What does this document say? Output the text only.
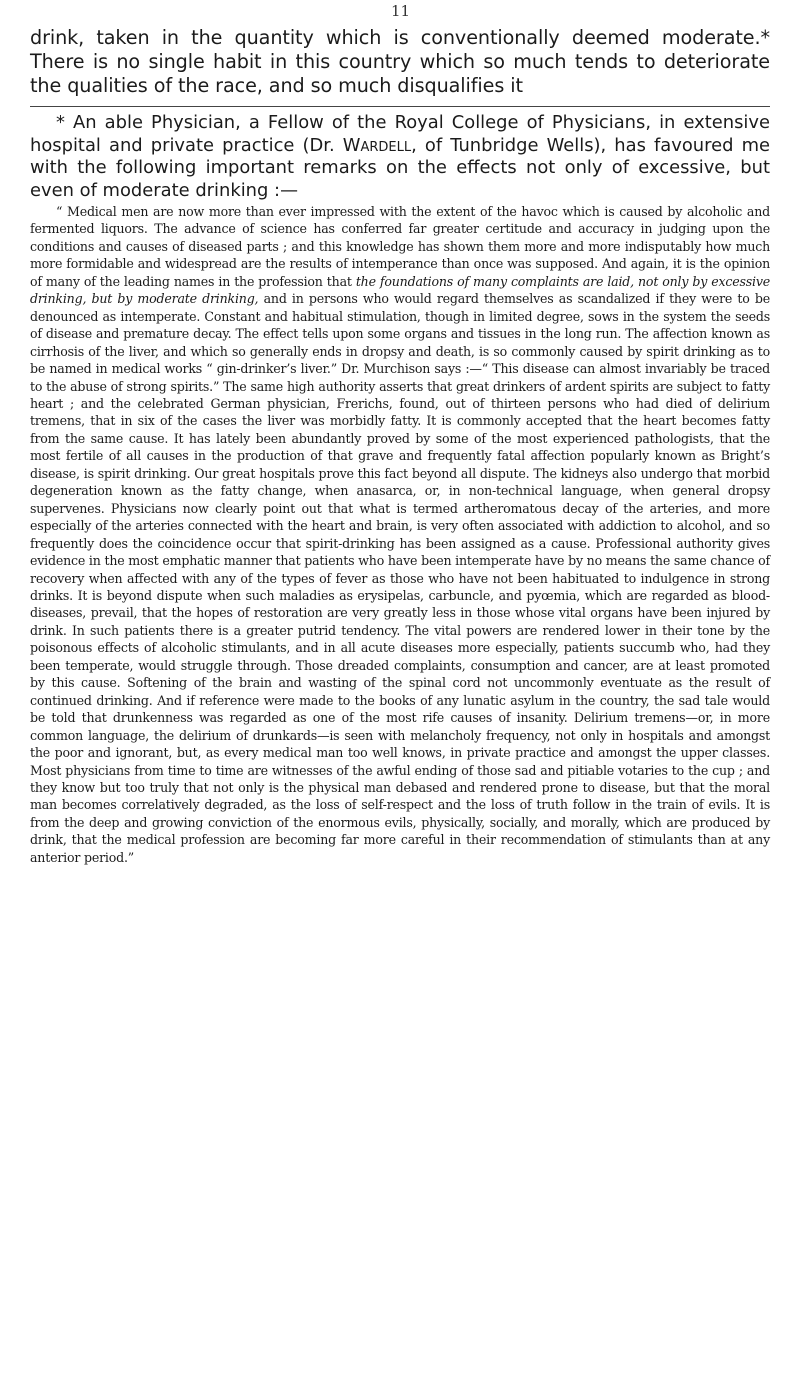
11

drink, taken in the quantity which is conventionally deemed moderate.* There is no single habit in this country which so much tends to deteriorate the qualities of the race, and so much disqualifies it

* An able Physician, a Fellow of the Royal College of Physicians, in extensive hospital and private practice (Dr. Wardell, of Tunbridge Wells), has favoured me with the following important remarks on the effects not only of excessive, but even of moderate drinking :—

“ Medical men are now more than ever impressed with the extent of the havoc which is caused by alcoholic and fermented liquors. The advance of science has conferred far greater certitude and accuracy in judging upon the conditions and causes of diseased parts ; and this knowledge has shown them more and more indisputably how much more formidable and widespread are the results of intemperance than once was supposed. And again, it is the opinion of many of the leading names in the profession that the foundations of many complaints are laid, not only by excessive drinking, but by moderate drinking, and in persons who would regard themselves as scandalized if they were to be denounced as intemperate. Constant and habitual stimulation, though in limited degree, sows in the system the seeds of disease and premature decay. The effect tells upon some organs and tissues in the long run. The affection known as cirrhosis of the liver, and which so generally ends in dropsy and death, is so commonly caused by spirit drinking as to be named in medical works “ gin-drinker’s liver.” Dr. Murchison says :—“ This disease can almost invariably be traced to the abuse of strong spirits.” The same high authority asserts that great drinkers of ardent spirits are subject to fatty heart ; and the celebrated German physician, Frerichs, found, out of thirteen persons who had died of delirium tremens, that in six of the cases the liver was morbidly fatty. It is commonly accepted that the heart becomes fatty from the same cause. It has lately been abundantly proved by some of the most experienced pathologists, that the most fertile of all causes in the production of that grave and frequently fatal affection popularly known as Bright’s disease, is spirit drinking. Our great hospitals prove this fact beyond all dispute. The kidneys also undergo that morbid degeneration known as the fatty change, when anasarca, or, in non-technical language, when general dropsy supervenes. Physicians now clearly point out that what is termed artheromatous decay of the arteries, and more especially of the arteries connected with the heart and brain, is very often associated with addiction to alcohol, and so frequently does the coincidence occur that spirit-drinking has been assigned as a cause. Professional authority gives evidence in the most emphatic manner that patients who have been intemperate have by no means the same chance of recovery when affected with any of the types of fever as those who have not been habituated to indulgence in strong drinks. It is beyond dispute when such maladies as erysipelas, carbuncle, and pyœmia, which are regarded as blood-diseases, prevail, that the hopes of restoration are very greatly less in those whose vital organs have been injured by drink. In such patients there is a greater putrid tendency. The vital powers are rendered lower in their tone by the poisonous effects of alcoholic stimulants, and in all acute diseases more especially, patients succumb who, had they been temperate, would struggle through. Those dreaded complaints, consumption and cancer, are at least promoted by this cause. Softening of the brain and wasting of the spinal cord not uncommonly eventuate as the result of continued drinking. And if reference were made to the books of any lunatic asylum in the country, the sad tale would be told that drunkenness was regarded as one of the most rife causes of insanity. Delirium tremens—or, in more common language, the delirium of drunkards—is seen with melancholy frequency, not only in hospitals and amongst the poor and ignorant, but, as every medical man too well knows, in private practice and amongst the upper classes. Most physicians from time to time are witnesses of the awful ending of those sad and pitiable votaries to the cup ; and they know but too truly that not only is the physical man debased and rendered prone to disease, but that the moral man becomes correlatively degraded, as the loss of self-respect and the loss of truth follow in the train of evils. It is from the deep and growing conviction of the enormous evils, physically, socially, and morally, which are produced by drink, that the medical profession are becoming far more careful in their recommendation of stimulants than at any anterior period.”
